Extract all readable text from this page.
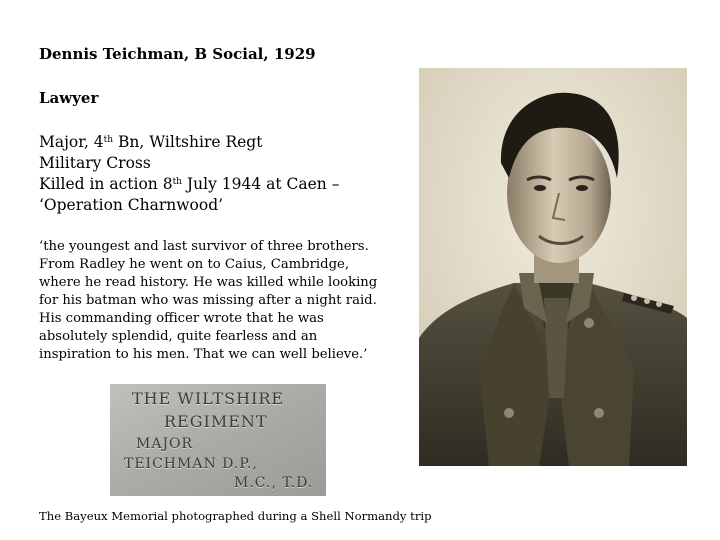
Dennis Teichman, B Social, 1929
Lawyer
Major, 4th Bn, Wiltshire Regt
Military Cross
Killed in action 8th July 1944 at Caen –
‘Operation Charnwood’
‘the youngest and last survivor of three brothers.
From Radley he went on to Caius, Cambridge,
where he read history. He was killed while looking
for his batman who was missing after a night raid.
His commanding officer wrote that he was
absolutely splendid, quite fearless and an
inspiration to his men. That we can well believe.’
THE WILTSHIRE
REGIMENT
MAJOR
TEICHMAN D.P.,
M.C., T.D.
The Bayeux Memorial photographed during a Shell Normandy trip
